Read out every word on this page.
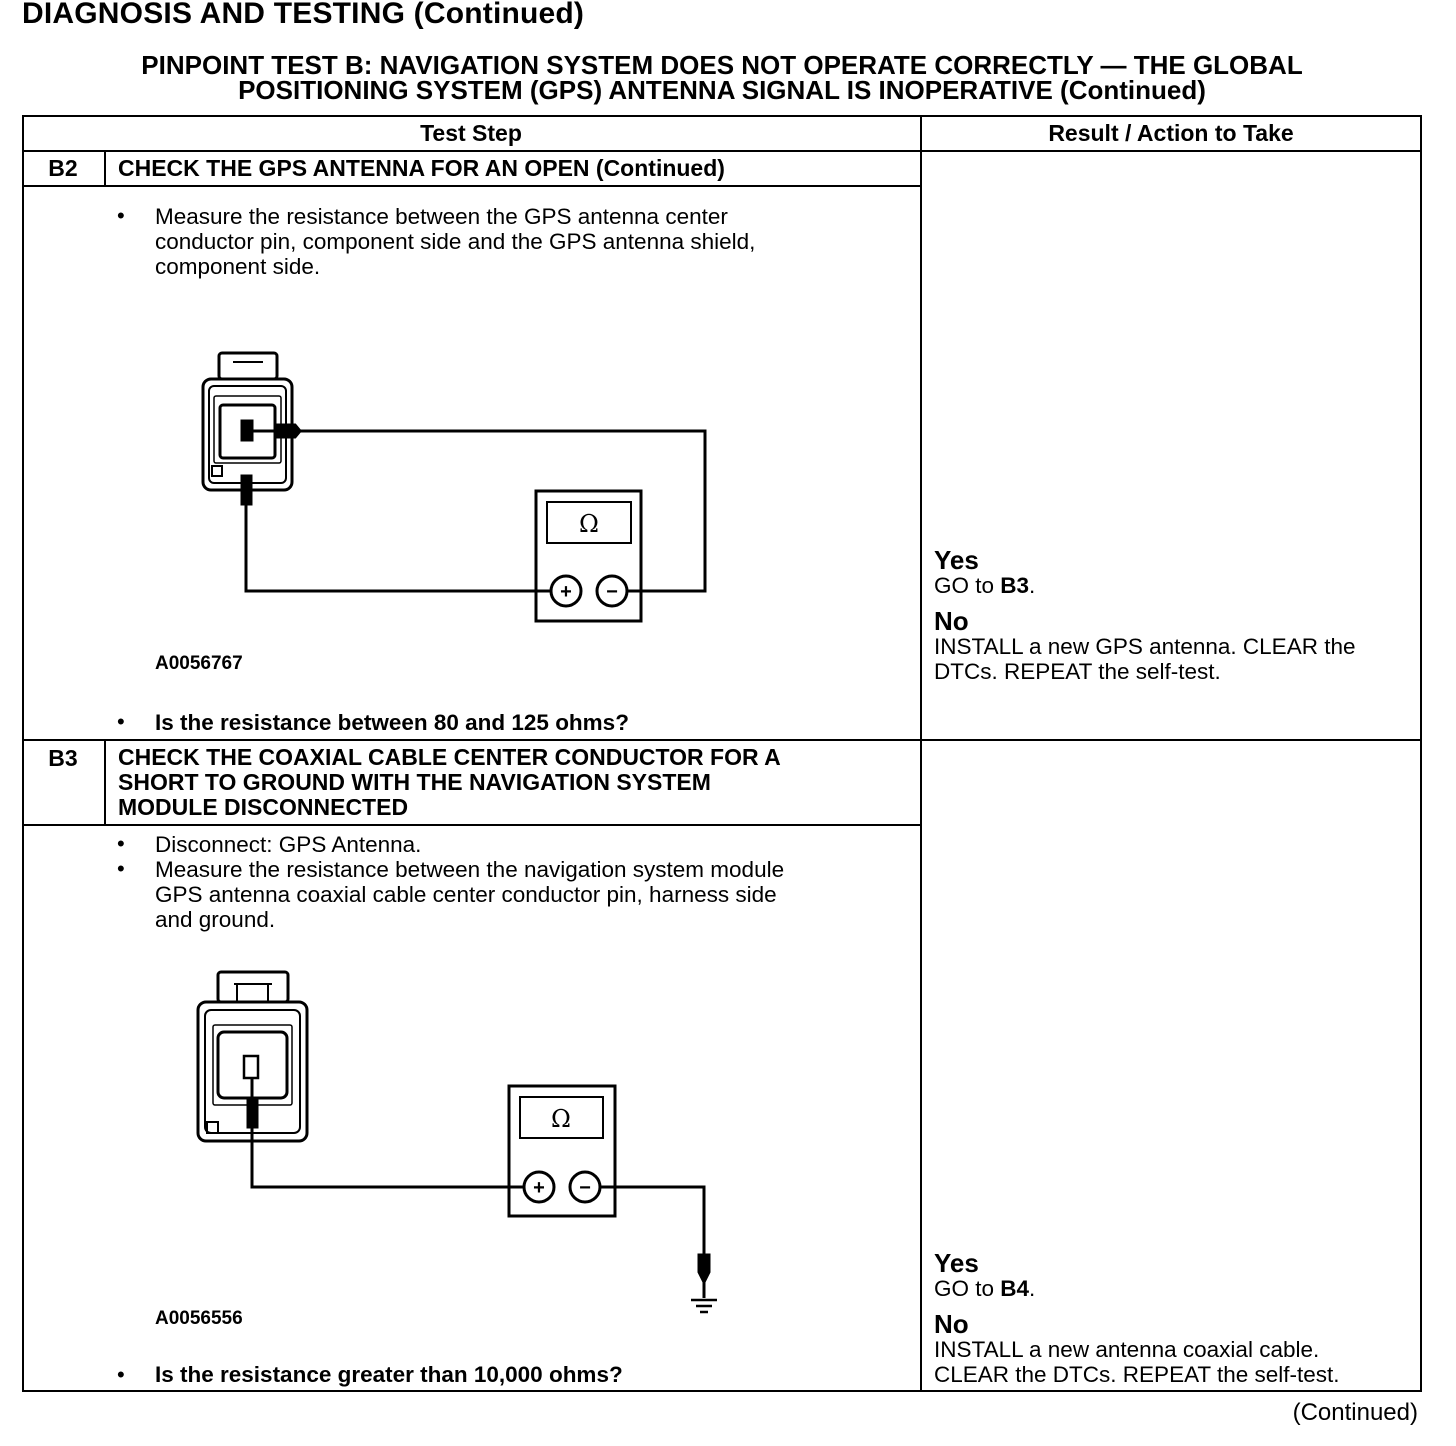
DIAGNOSIS AND TESTING (Continued)
PINPOINT TEST B: NAVIGATION SYSTEM DOES NOT OPERATE CORRECTLY — THE GLOBAL
POSITIONING SYSTEM (GPS) ANTENNA SIGNAL IS INOPERATIVE (Continued)
Test Step	Result / Action to Take
B2	CHECK THE GPS ANTENNA FOR AN OPEN (Continued)
• Measure the resistance between the GPS antenna center
conductor pin, component side and the GPS antenna shield,
component side.
Ω
+ −
A0056767
• Is the resistance between 80 and 125 ohms?
Yes
GO to B3.
No
INSTALL a new GPS antenna. CLEAR the
DTCs. REPEAT the self-test.
B3	CHECK THE COAXIAL CABLE CENTER CONDUCTOR FOR A
SHORT TO GROUND WITH THE NAVIGATION SYSTEM
MODULE DISCONNECTED
• Disconnect: GPS Antenna.
• Measure the resistance between the navigation system module
GPS antenna coaxial cable center conductor pin, harness side
and ground.
Ω
+ −
A0056556
• Is the resistance greater than 10,000 ohms?
Yes
GO to B4.
No
INSTALL a new antenna coaxial cable.
CLEAR the DTCs. REPEAT the self-test.
(Continued)
